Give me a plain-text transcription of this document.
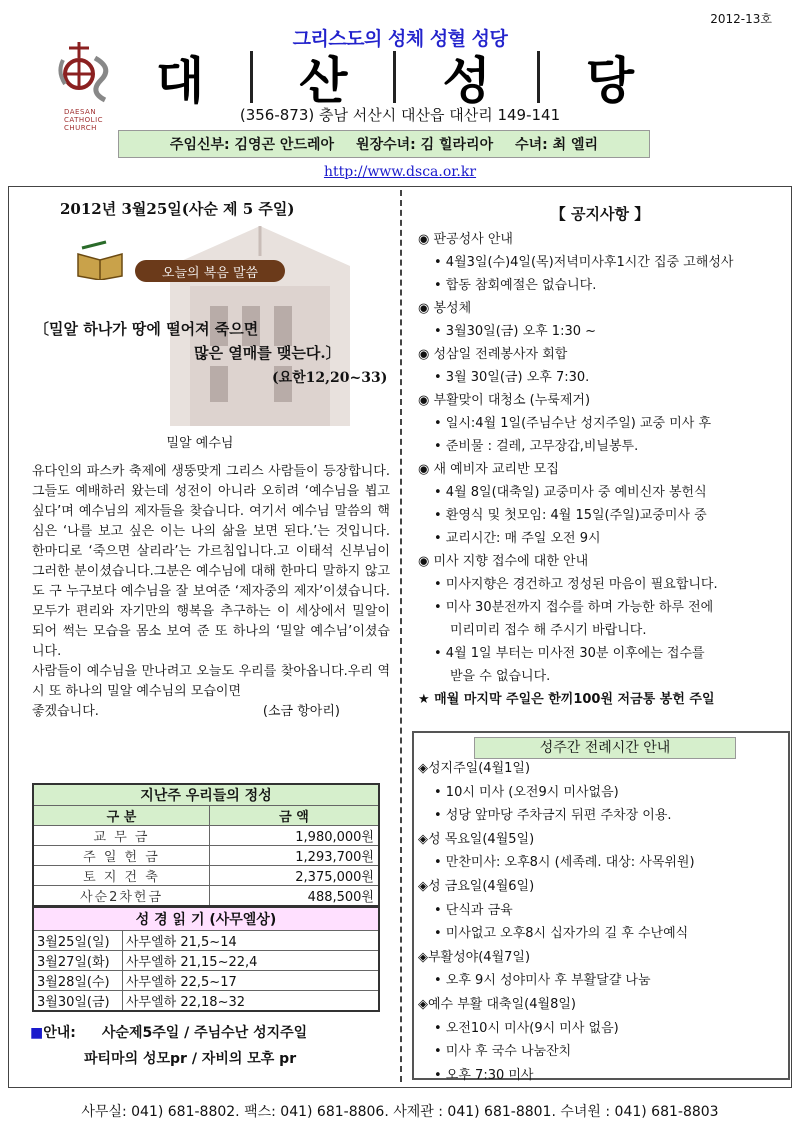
2012-13호
DAESAN
CATHOLIC
CHURCH
그리스도의 성체 성혈 성당
대	산	성	당
(356-873) 충남 서산시 대산읍 대산리 149-141
주임신부: 김영곤 안드레아 원장수녀: 김 힐라리아 수녀: 최 엘리
http://www.dsca.or.kr
2012년 3월25일(사순 제 5 주일)
오늘의 복음 말씀
〔밀알 하나가 땅에 떨어져 죽으면
많은 열매를 맺는다.〕
(요한12,20~33)
밀알 예수님

유다인의 파스카 축제에 생뚱맞게 그리스 사람들이 등장합니다.그들도 예배하러 왔는데 성전이 아니라 오히려 ‘예수님을 뵙고싶다’며 예수님의 제자들을 찾습니다. 여기서 예수님 말씀의 핵심은 ‘나를 보고 싶은 이는 나의 삶을 보면 된다.’는 것입니다. 한마디로 ‘죽으면 살리라’는 가르침입니다.고 이태석 신부님이 그러한 분이셨습니다.그분은 예수님에 대해 한마디 말하지 않고도 구 누구보다 예수님을 잘 보여준 ‘제자중의 제자’이셨습니다.모두가 편리와 자기만의 행복을 추구하는 이 세상에서 밀알이 되어 썩는 모습을 몸소 보여 준 또 하나의 ‘밀알 예수님’이셨습니다.

사람들이 예수님을 만나려고 오늘도 우리를 찾아옵니다.우리 역시 또 하나의 밀알 예수님의 모습이면

좋겠습니다.	(소금 항아리)
지난주 우리들의 정성	
구 분	금 액
교 무 금	1,980,000원
주 일 헌 금	1,293,700원
토 지 건 축	2,375,000원
사순2차헌금	488,500원
성 경 읽 기 (사무엘상)	
3월25일(일)	사무엘하 21,5~14
3월27일(화)	사무엘하 21,15~22,4
3월28일(수)	사무엘하 22,5~17
3월30일(금)	사무엘하 22,18~32
■안내: 사순제5주일 / 주님수난 성지주일
파티마의 성모pr / 자비의 모후 pr
【 공지사항 】
◉ 판공성사 안내
• 4월3일(수)4일(목)저녁미사후1시간 집중 고해성사
• 합동 참회예절은 없습니다.
◉ 봉성체
• 3월30일(금) 오후 1:30 ~
◉ 성삼일 전례봉사자 회합
• 3월 30일(금) 오후 7:30.
◉ 부활맞이 대청소 (누룩제거)
• 일시:4월 1일(주님수난 성지주일) 교중 미사 후
• 준비물 : 걸레, 고무장갑,비닐봉투.
◉ 새 예비자 교리반 모집
• 4월 8일(대축일) 교중미사 중 예비신자 봉헌식
• 환영식 및 첫모임: 4월 15일(주일)교중미사 중
• 교리시간: 매 주일 오전 9시
◉ 미사 지향 접수에 대한 안내
• 미사지향은 경건하고 정성된 마음이 필요합니다.
• 미사 30분전까지 접수를 하며 가능한 하루 전에
미리미리 접수 해 주시기 바랍니다.
• 4월 1일 부터는 미사전 30분 이후에는 접수를
받을 수 없습니다.
★ 매월 마지막 주일은 한끼100원 저금통 봉헌 주일
성주간 전례시간 안내
◈성지주일(4월1일)
• 10시 미사 (오전9시 미사없음)
• 성당 앞마당 주차금지 뒤편 주차장 이용.
◈성 목요일(4월5일)
• 만찬미사: 오후8시 (세족례. 대상: 사목위원)
◈성 금요일(4월6일)
• 단식과 금육
• 미사없고 오후8시 십자가의 길 후 수난예식
◈부활성야(4월7일)
• 오후 9시 성야미사 후 부활달걀 나눔
◈예수 부활 대축일(4월8일)
• 오전10시 미사(9시 미사 없음)
• 미사 후 국수 나눔잔치
• 오후 7:30 미사
사무실: 041) 681-8802. 팩스: 041) 681-8806. 사제관 : 041) 681-8801. 수녀원 : 041) 681-8803
